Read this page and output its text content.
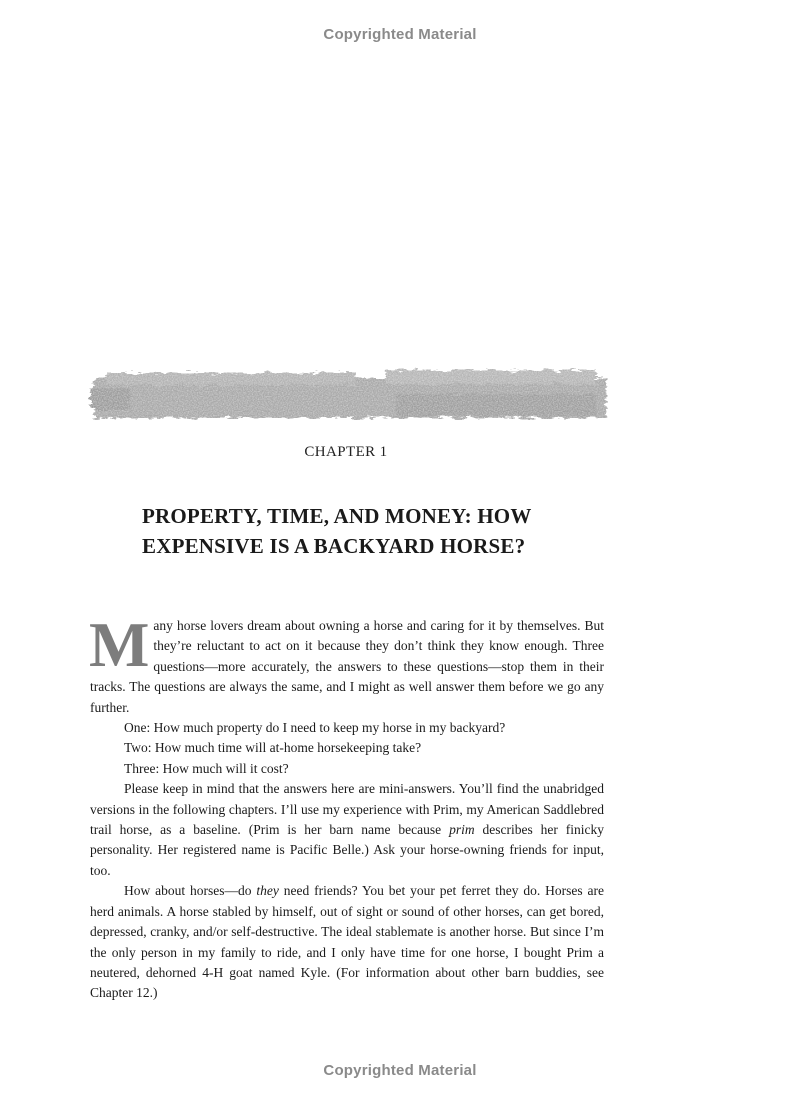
Copyrighted Material
CHAPTER 1
PROPERTY, TIME, AND MONEY: HOW
EXPENSIVE IS A BACKYARD HORSE?

Many horse lovers dream about owning a horse and caring for it by themselves. But they’re reluctant to act on it because they don’t think they know enough. Three questions—more accurately, the answers to these questions—stop them in their tracks. The questions are always the same, and I might as well answer them before we go any further.

One: How much property do I need to keep my horse in my backyard?

Two: How much time will at-home horsekeeping take?

Three: How much will it cost?

Please keep in mind that the answers here are mini-answers. You’ll find the unabridged versions in the following chapters. I’ll use my experience with Prim, my American Saddlebred trail horse, as a baseline. (Prim is her barn name because prim describes her finicky personality. Her registered name is Pacific Belle.) Ask your horse-owning friends for input, too.

How about horses—do they need friends? You bet your pet ferret they do. Horses are herd animals. A horse stabled by himself, out of sight or sound of other horses, can get bored, depressed, cranky, and/or self-destructive. The ideal stablemate is another horse. But since I’m the only person in my family to ride, and I only have time for one horse, I bought Prim a neutered, dehorned 4-H goat named Kyle. (For information about other barn buddies, see Chapter 12.)

Copyrighted Material
